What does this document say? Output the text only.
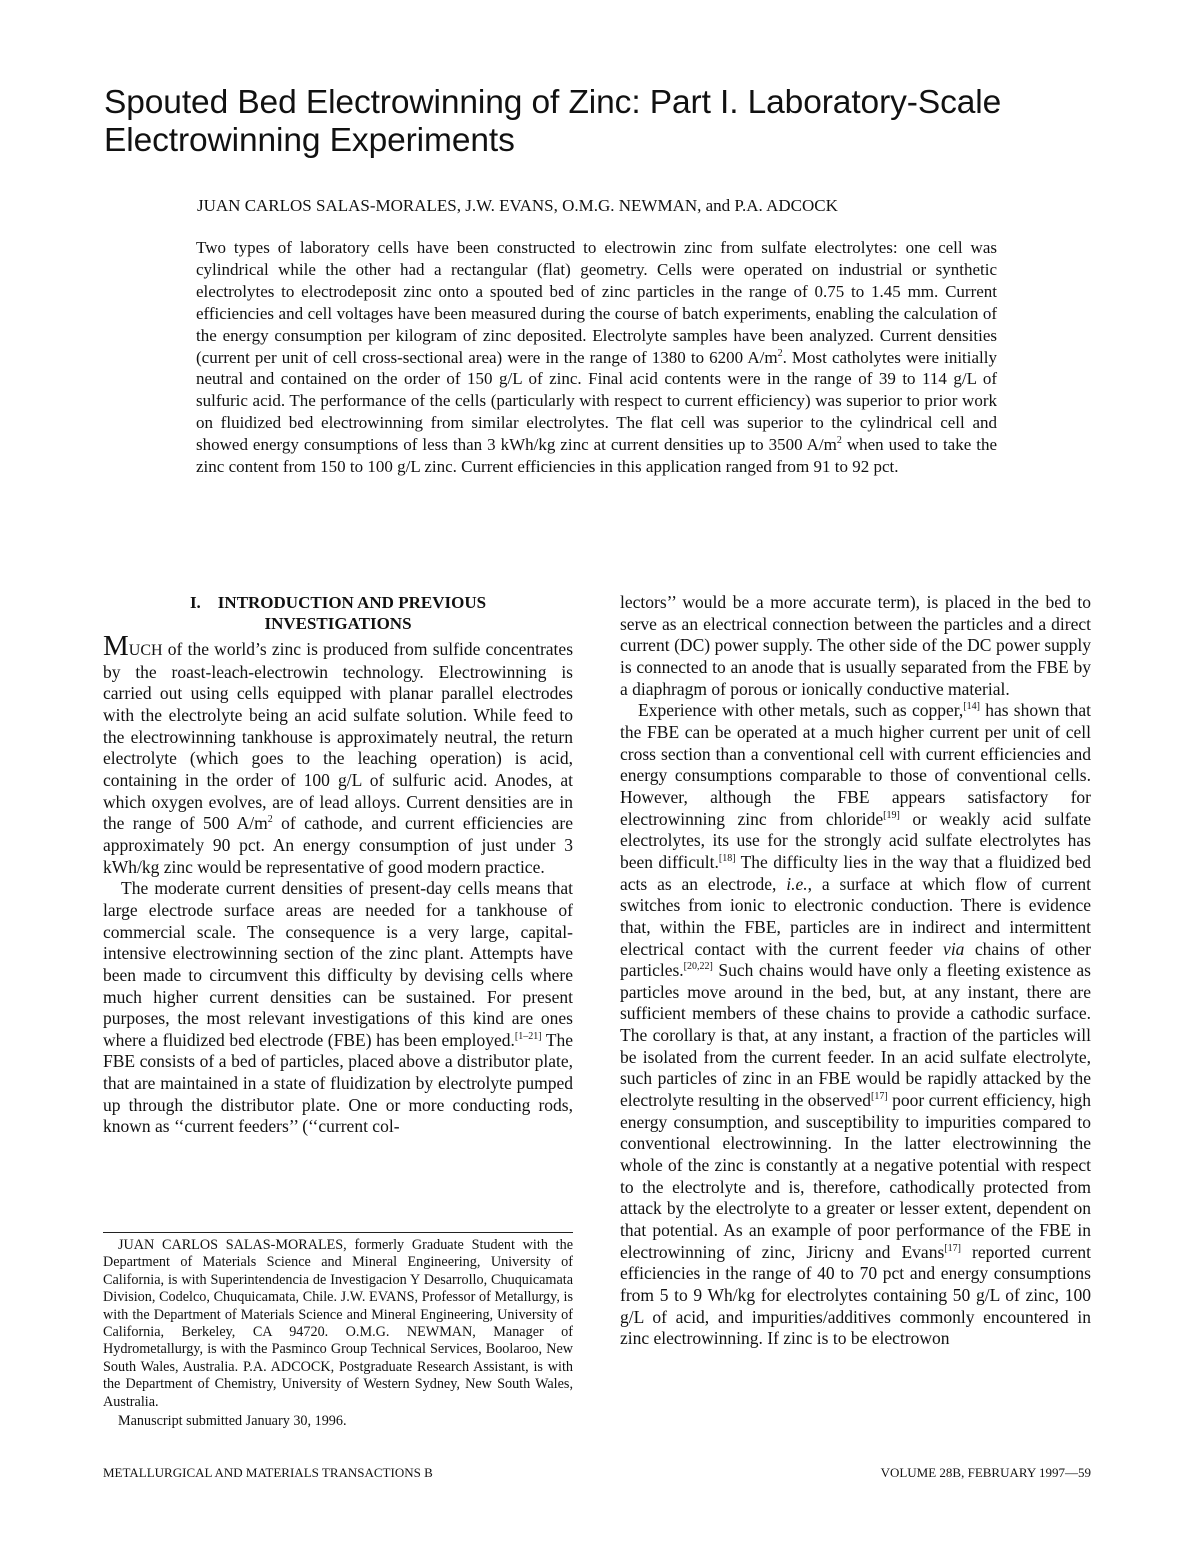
Spouted Bed Electrowinning of Zinc: Part I. Laboratory-Scale Electrowinning Experiments

JUAN CARLOS SALAS-MORALES, J.W. EVANS, O.M.G. NEWMAN, and P.A. ADCOCK

Two types of laboratory cells have been constructed to electrowin zinc from sulfate electrolytes: one cell was cylindrical while the other had a rectangular (flat) geometry. Cells were operated on industrial or synthetic electrolytes to electrodeposit zinc onto a spouted bed of zinc particles in the range of 0.75 to 1.45 mm. Current efficiencies and cell voltages have been measured during the course of batch experiments, enabling the calculation of the energy consumption per kilogram of zinc deposited. Electrolyte samples have been analyzed. Current densities (current per unit of cell cross-sectional area) were in the range of 1380 to 6200 $A/m^2$. Most catholytes were initially neutral and contained on the order of 150 g/L of zinc. Final acid contents were in the range of 39 to 114 g/L of sulfuric acid. The performance of the cells (particularly with respect to current efficiency) was superior to prior work on fluidized bed electrowinning from similar electrolytes. The flat cell was superior to the cylindrical cell and showed energy consumptions of less than 3 kWh/kg zinc at current densities up to 3500 $A/m^2$ when used to take the zinc content from 150 to 100 g/L zinc. Current efficiencies in this application ranged from 91 to 92 pct.

I. INTRODUCTION AND PREVIOUS INVESTIGATIONS

MUCH of the world’s zinc is produced from sulfide concentrates by the roast-leach-electrowin technology. Electrowinning is carried out using cells equipped with planar parallel electrodes with the electrolyte being an acid sulfate solution. While feed to the electrowinning tankhouse is approximately neutral, the return electrolyte (which goes to the leaching operation) is acid, containing in the order of 100 g/L of sulfuric acid. Anodes, at which oxygen evolves, are of lead alloys. Current densities are in the range of 500 $A/m^2$ of cathode, and current efficiencies are approximately 90 pct. An energy consumption of just under 3 kWh/kg zinc would be representative of good modern practice.

The moderate current densities of present-day cells means that large electrode surface areas are needed for a tankhouse of commercial scale. The consequence is a very large, capital-intensive electrowinning section of the zinc plant. Attempts have been made to circumvent this difficulty by devising cells where much higher current densities can be sustained. For present purposes, the most relevant investigations of this kind are ones where a fluidized bed electrode (FBE) has been employed.[1–21] The FBE consists of a bed of particles, placed above a distributor plate, that are maintained in a state of fluidization by electrolyte pumped up through the distributor plate. One or more conducting rods, known as ‘‘current feeders’’ (‘‘current col-

lectors’’ would be a more accurate term), is placed in the bed to serve as an electrical connection between the particles and a direct current (DC) power supply. The other side of the DC power supply is connected to an anode that is usually separated from the FBE by a diaphragm of porous or ionically conductive material.

Experience with other metals, such as copper,[14] has shown that the FBE can be operated at a much higher current per unit of cell cross section than a conventional cell with current efficiencies and energy consumptions comparable to those of conventional cells. However, although the FBE appears satisfactory for electrowinning zinc from chloride[19] or weakly acid sulfate electrolytes, its use for the strongly acid sulfate electrolytes has been difficult.[18] The difficulty lies in the way that a fluidized bed acts as an electrode, i.e., a surface at which flow of current switches from ionic to electronic conduction. There is evidence that, within the FBE, particles are in indirect and intermittent electrical contact with the current feeder via chains of other particles.[20,22] Such chains would have only a fleeting existence as particles move around in the bed, but, at any instant, there are sufficient members of these chains to provide a cathodic surface. The corollary is that, at any instant, a fraction of the particles will be isolated from the current feeder. In an acid sulfate electrolyte, such particles of zinc in an FBE would be rapidly attacked by the electrolyte resulting in the observed[17] poor current efficiency, high energy consumption, and susceptibility to impurities compared to conventional electrowinning. In the latter electrowinning the whole of the zinc is constantly at a negative potential with respect to the electrolyte and is, therefore, cathodically protected from attack by the electrolyte to a greater or lesser extent, dependent on that potential. As an example of poor performance of the FBE in electrowinning of zinc, Jiricny and Evans[17] reported current efficiencies in the range of 40 to 70 pct and energy consumptions from 5 to 9 Wh/kg for electrolytes containing 50 g/L of zinc, 100 g/L of acid, and impurities/additives commonly encountered in zinc electrowinning. If zinc is to be electrowon

JUAN CARLOS SALAS-MORALES, formerly Graduate Student with the Department of Materials Science and Mineral Engineering, University of California, is with Superintendencia de Investigacion Y Desarrollo, Chuquicamata Division, Codelco, Chuquicamata, Chile. J.W. EVANS, Professor of Metallurgy, is with the Department of Materials Science and Mineral Engineering, University of California, Berkeley, CA 94720. O.M.G. NEWMAN, Manager of Hydrometallurgy, is with the Pasminco Group Technical Services, Boolaroo, New South Wales, Australia. P.A. ADCOCK, Postgraduate Research Assistant, is with the Department of Chemistry, University of Western Sydney, New South Wales, Australia.

Manuscript submitted January 30, 1996.

METALLURGICAL AND MATERIALS TRANSACTIONS B	VOLUME 28B, FEBRUARY 1997—59
